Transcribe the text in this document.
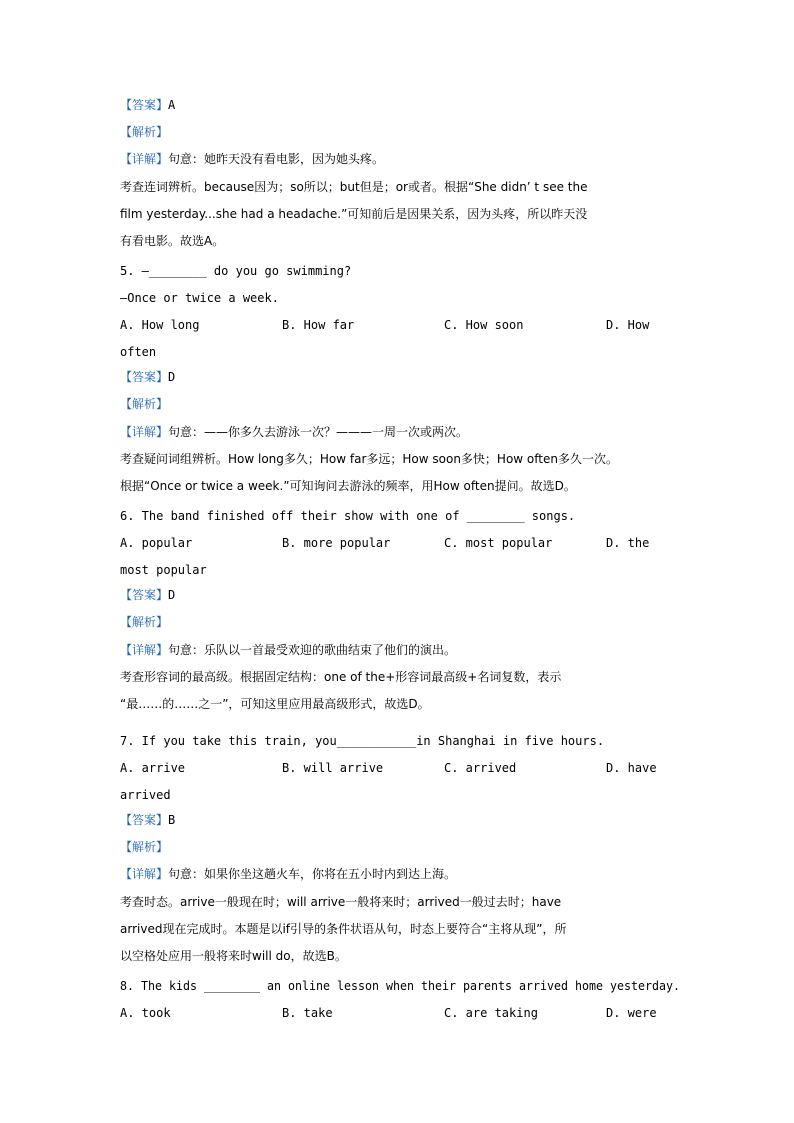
【答案】A
【解析】
【详解】句意：她昨天没有看电影，因为她头疼。
考查连词辨析。because因为；so所以；but但是；or或者。根据“She didn’ t see the
film yesterday...she had a headache.”可知前后是因果关系，因为头疼，所以昨天没
有看电影。故选A。
5. —________ do you go swimming?
—Once or twice a week.
A. How long	B. How far	C. How soon	D. How
often
【答案】D
【解析】
【详解】句意：——你多久去游泳一次？———一周一次或两次。
考查疑问词组辨析。How long多久；How far多远；How soon多快；How often多久一次。
根据“Once or twice a week.”可知询问去游泳的频率，用How often提问。故选D。
6. The band finished off their show with one of ________ songs.
A. popular	B. more popular	C. most popular	D. the
most popular
【答案】D
【解析】
【详解】句意：乐队以一首最受欢迎的歌曲结束了他们的演出。
考查形容词的最高级。根据固定结构：one of the+形容词最高级+名词复数，表示
“最……的……之一”，可知这里应用最高级形式，故选D。
7. If you take this train, you___________in Shanghai in five hours.
A. arrive	B. will arrive	C. arrived	D. have
arrived
【答案】B
【解析】
【详解】句意：如果你坐这趟火车，你将在五小时内到达上海。
考查时态。arrive一般现在时；will arrive一般将来时；arrived一般过去时；have
arrived现在完成时。本题是以if引导的条件状语从句，时态上要符合“主将从现”，所
以空格处应用一般将来时will do，故选B。
8. The kids ________ an online lesson when their parents arrived home yesterday.
A. took	B. take	C. are taking	D. were
